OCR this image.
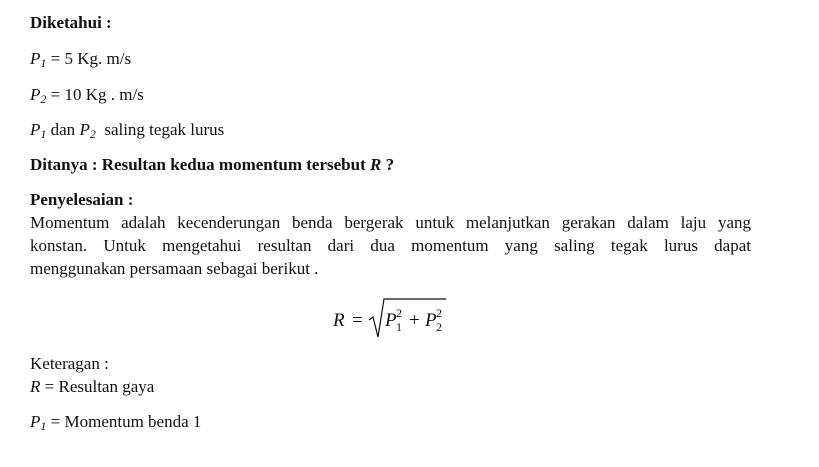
Diketahui :
$P_1 = 5$ Kg. m/s
$P_2 = 10$ Kg . m/s
$P_1$ dan $P_2$  saling tegak lurus
Ditanya : Resultan kedua momentum tersebut R ?
Penyelesaian :
Momentum adalah kecenderungan benda bergerak untuk melanjutkan gerakan dalam laju yang
konstan. Untuk mengetahui resultan dari dua momentum yang saling tegak lurus dapat
menggunakan persamaan sebagai berikut .
R = P 2
1 + P 2
2
Keteragan :
R = Resultan gaya
$P_1$ = Momentum benda 1
